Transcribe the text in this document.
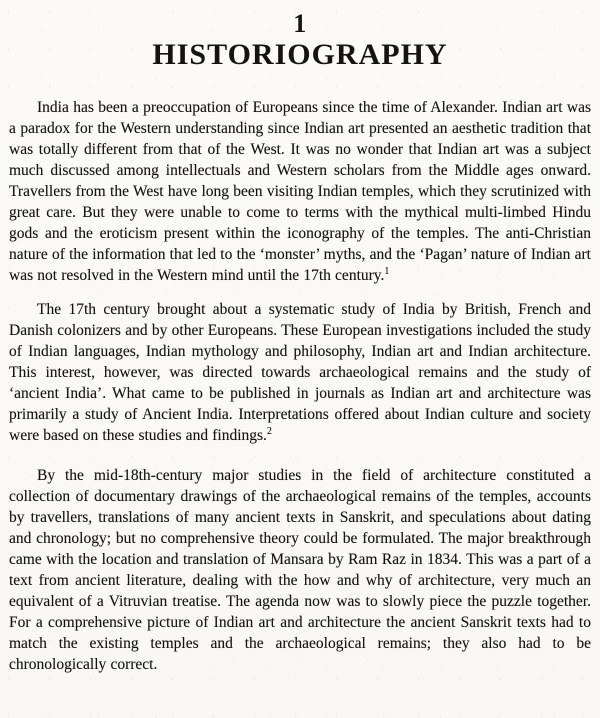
1
HISTORIOGRAPHY

India has been a preoccupation of Europeans since the time of Alexander. Indian art was a paradox for the Western understanding since Indian art presented an aesthetic tradition that was totally different from that of the West. It was no wonder that Indian art was a subject much discussed among intellectuals and Western scholars from the Middle ages onward. Travellers from the West have long been visiting Indian temples, which they scrutinized with great care. But they were unable to come to terms with the mythical multi-limbed Hindu gods and the eroticism present within the iconography of the temples. The anti-Christian nature of the information that led to the ‘monster’ myths, and the ‘Pagan’ nature of Indian art was not resolved in the Western mind until the 17th century.$^1$

The 17th century brought about a systematic study of India by British, French and Danish colonizers and by other Europeans. These European investigations included the study of Indian languages, Indian mythology and philosophy, Indian art and Indian architecture. This interest, however, was directed towards archaeological remains and the study of ‘ancient India’. What came to be published in journals as Indian art and architecture was primarily a study of Ancient India. Interpretations offered about Indian culture and society were based on these studies and findings.$^2$

By the mid-18th-century major studies in the field of architecture constituted a collection of documentary drawings of the archaeological remains of the temples, accounts by travellers, translations of many ancient texts in Sanskrit, and speculations about dating and chronology; but no comprehensive theory could be formulated. The major breakthrough came with the location and translation of Mansara by Ram Raz in 1834. This was a part of a text from ancient literature, dealing with the how and why of architecture, very much an equivalent of a Vitruvian treatise. The agenda now was to slowly piece the puzzle together. For a comprehensive picture of Indian art and architecture the ancient Sanskrit texts had to match the existing temples and the archaeological remains; they also had to be chronologically correct.
